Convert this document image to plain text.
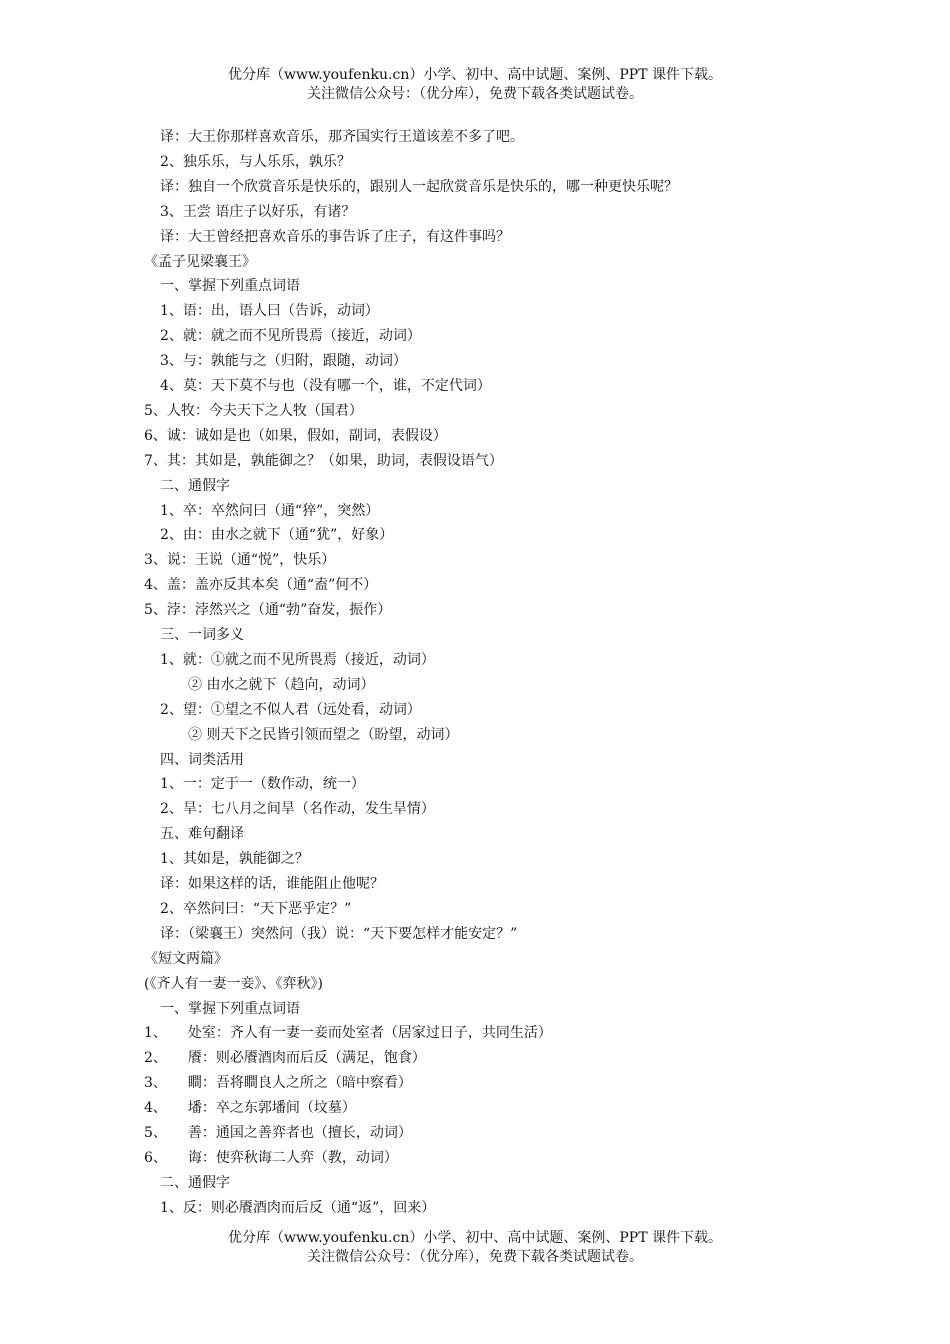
优分库（www.youfenku.cn）小学、初中、高中试题、案例、PPT 课件下载。
关注微信公众号：（优分库），免费下载各类试题试卷。
译：大王你那样喜欢音乐，那齐国实行王道该差不多了吧。
2、独乐乐，与人乐乐，孰乐？
译：独自一个欣赏音乐是快乐的，跟别人一起欣赏音乐是快乐的，哪一种更快乐呢？
3、王尝 语庄子以好乐，有诸？
译：大王曾经把喜欢音乐的事告诉了庄子，有这件事吗？
《孟子见梁襄王》
一、掌握下列重点词语
1、语：出，语人曰（告诉，动词）
2、就：就之而不见所畏焉（接近，动词）
3、与：孰能与之（归附，跟随，动词）
4、莫：天下莫不与也（没有哪一个，谁，不定代词）
5、人牧：今夫天下之人牧（国君）
6、诚：诚如是也（如果，假如，副词，表假设）
7、其：其如是，孰能御之？（如果，助词，表假设语气）
二、通假字
1、卒：卒然问曰（通“猝”，突然）
2、由：由水之就下（通“犹”，好象）
3、说：王说（通“悦”，快乐）
4、盖：盖亦反其本矣（通“盍”何不）
5、浡：浡然兴之（通“勃”奋发，振作）
三、一词多义
1、就：①就之而不见所畏焉（接近，动词）
② 由水之就下（趋向，动词）
2、望：①望之不似人君（远处看，动词）
② 则天下之民皆引领而望之（盼望，动词）
四、词类活用
1、一：定于一（数作动，统一）
2、旱：七八月之间旱（名作动，发生旱情）
五、难句翻译
1、其如是，孰能御之？
译：如果这样的话，谁能阻止他呢？
2、卒然问曰：“天下恶乎定？”
译：（梁襄王）突然问（我）说：“天下要怎样才能安定？”
《短文两篇》
(《齐人有一妻一妾》、《弈秋》)
一、掌握下列重点词语
1、　　处室：齐人有一妻一妾而处室者（居家过日子，共同生活）
2、　　餍：则必餍酒肉而后反（满足，饱食）
3、　　瞷：吾将瞷良人之所之（暗中察看）
4、　　墦：卒之东郭墦间（坟墓）
5、　　善：通国之善弈者也（擅长，动词）
6、　　诲：使弈秋诲二人弈（教，动词）
二、通假字
1、反：则必餍酒肉而后反（通“返”，回来）
优分库（www.youfenku.cn）小学、初中、高中试题、案例、PPT 课件下载。
关注微信公众号：（优分库），免费下载各类试题试卷。
